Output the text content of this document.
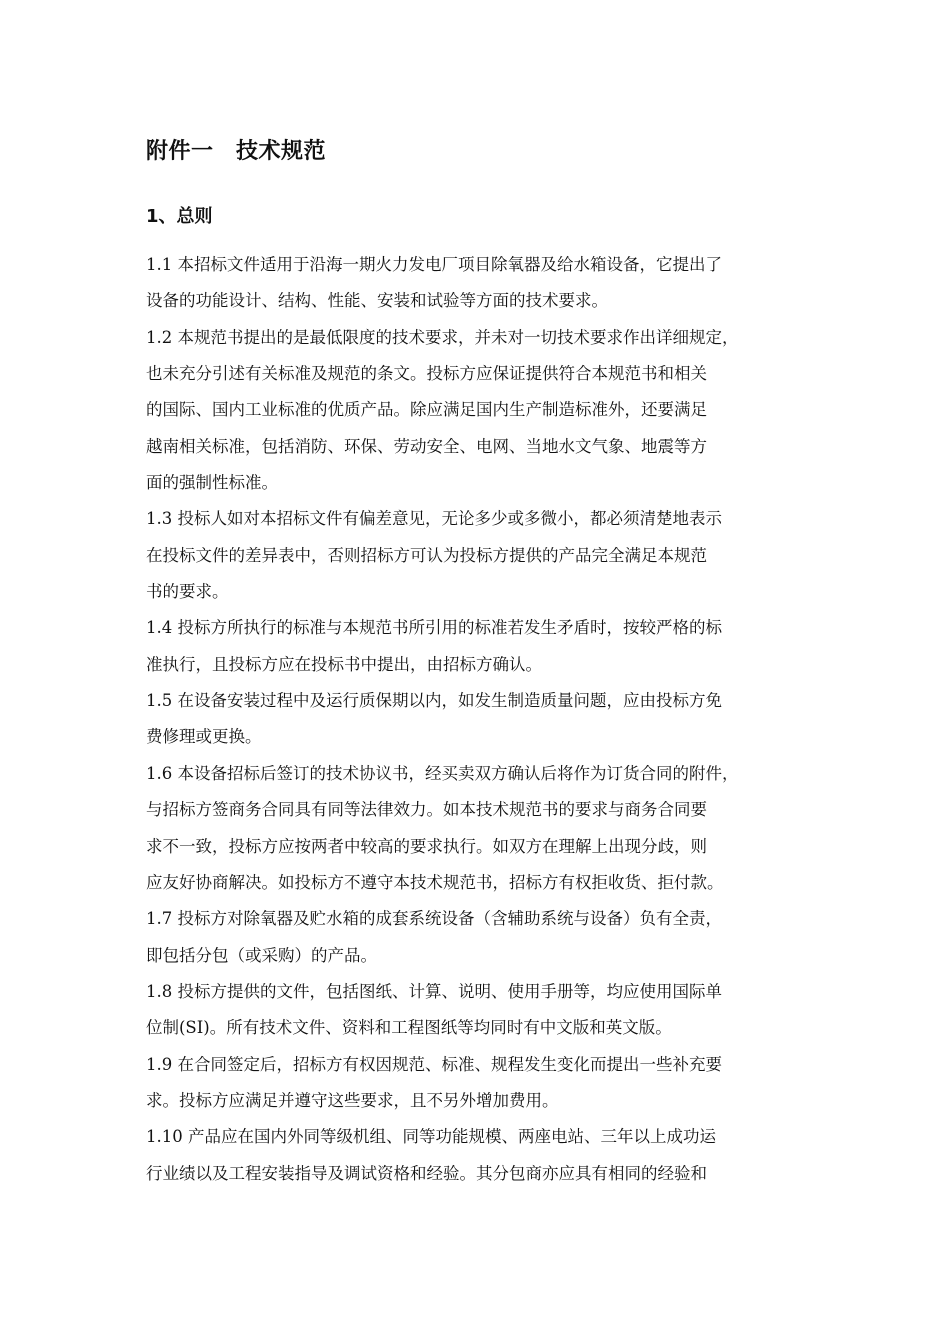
附件一　技术规范
1、总则
1.1 本招标文件适用于沿海一期火力发电厂项目除氧器及给水箱设备，它提出了
设备的功能设计、结构、性能、安装和试验等方面的技术要求。
1.2 本规范书提出的是最低限度的技术要求，并未对一切技术要求作出详细规定，
也未充分引述有关标准及规范的条文。投标方应保证提供符合本规范书和相关
的国际、国内工业标准的优质产品。除应满足国内生产制造标准外，还要满足
越南相关标准，包括消防、环保、劳动安全、电网、当地水文气象、地震等方
面的强制性标准。
1.3 投标人如对本招标文件有偏差意见，无论多少或多微小，都必须清楚地表示
在投标文件的差异表中，否则招标方可认为投标方提供的产品完全满足本规范
书的要求。
1.4 投标方所执行的标准与本规范书所引用的标准若发生矛盾时，按较严格的标
准执行，且投标方应在投标书中提出，由招标方确认。
1.5 在设备安装过程中及运行质保期以内，如发生制造质量问题，应由投标方免
费修理或更换。
1.6 本设备招标后签订的技术协议书，经买卖双方确认后将作为订货合同的附件，
与招标方签商务合同具有同等法律效力。如本技术规范书的要求与商务合同要
求不一致，投标方应按两者中较高的要求执行。如双方在理解上出现分歧，则
应友好协商解决。如投标方不遵守本技术规范书，招标方有权拒收货、拒付款。
1.7 投标方对除氧器及贮水箱的成套系统设备（含辅助系统与设备）负有全责，
即包括分包（或采购）的产品。
1.8 投标方提供的文件，包括图纸、计算、说明、使用手册等，均应使用国际单
位制(SI)。所有技术文件、资料和工程图纸等均同时有中文版和英文版。
1.9 在合同签定后，招标方有权因规范、标准、规程发生变化而提出一些补充要
求。投标方应满足并遵守这些要求，且不另外增加费用。
1.10 产品应在国内外同等级机组、同等功能规模、两座电站、三年以上成功运
行业绩以及工程安装指导及调试资格和经验。其分包商亦应具有相同的经验和
